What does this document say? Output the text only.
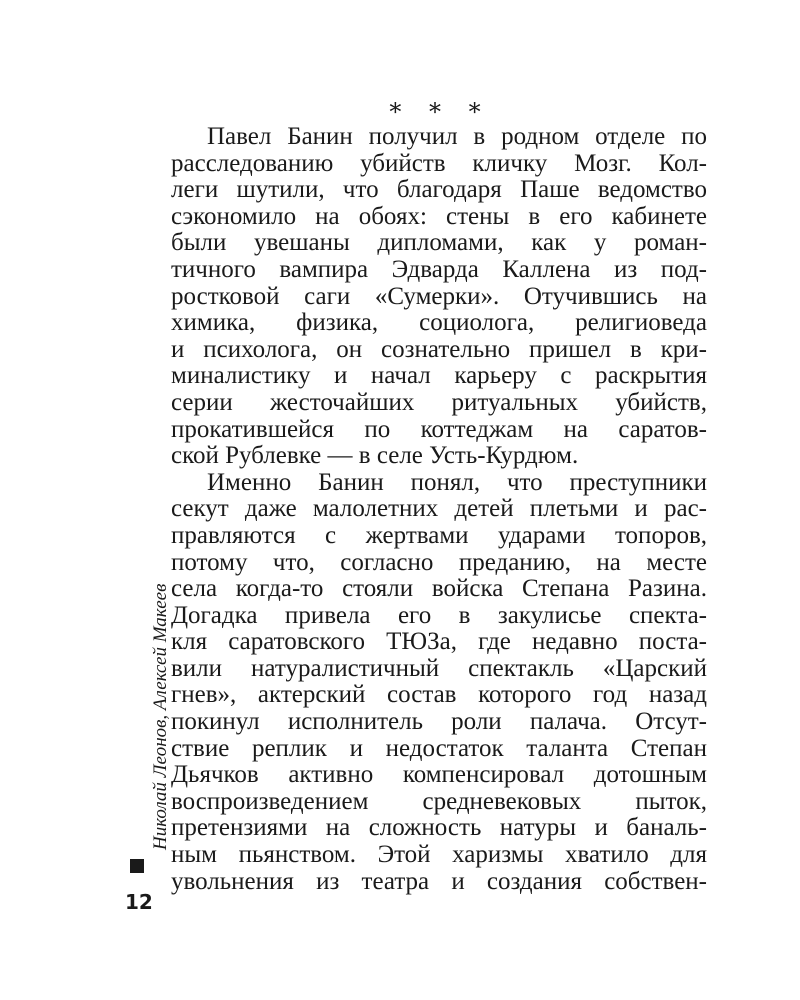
* * *
Павел Банин получил в родном отделе по
расследованию убийств кличку Мозг. Кол-
леги шутили, что благодаря Паше ведомство
сэкономило на обоях: стены в его кабинете
были увешаны дипломами, как у роман-
тичного вампира Эдварда Каллена из под-
ростковой саги «Сумерки». Отучившись на
химика, физика, социолога, религиоведа
и психолога, он сознательно пришел в кри-
миналистику и начал карьеру с раскрытия
серии жесточайших ритуальных убийств,
прокатившейся по коттеджам на саратов-
ской Рублевке — в селе Усть-Курдюм.
Именно Банин понял, что преступники
секут даже малолетних детей плетьми и рас-
правляются с жертвами ударами топоров,
потому что, согласно преданию, на месте
села когда-то стояли войска Степана Разина.
Догадка привела его в закулисье спекта-
кля саратовского ТЮЗа, где недавно поста-
вили натуралистичный спектакль «Царский
гнев», актерский состав которого год назад
покинул исполнитель роли палача. Отсут-
ствие реплик и недостаток таланта Степан
Дьячков активно компенсировал дотошным
воспроизведением средневековых пыток,
претензиями на сложность натуры и баналь-
ным пьянством. Этой харизмы хватило для
увольнения из театра и создания собствен-
Николай Леонов, Алексей Макеев
12
